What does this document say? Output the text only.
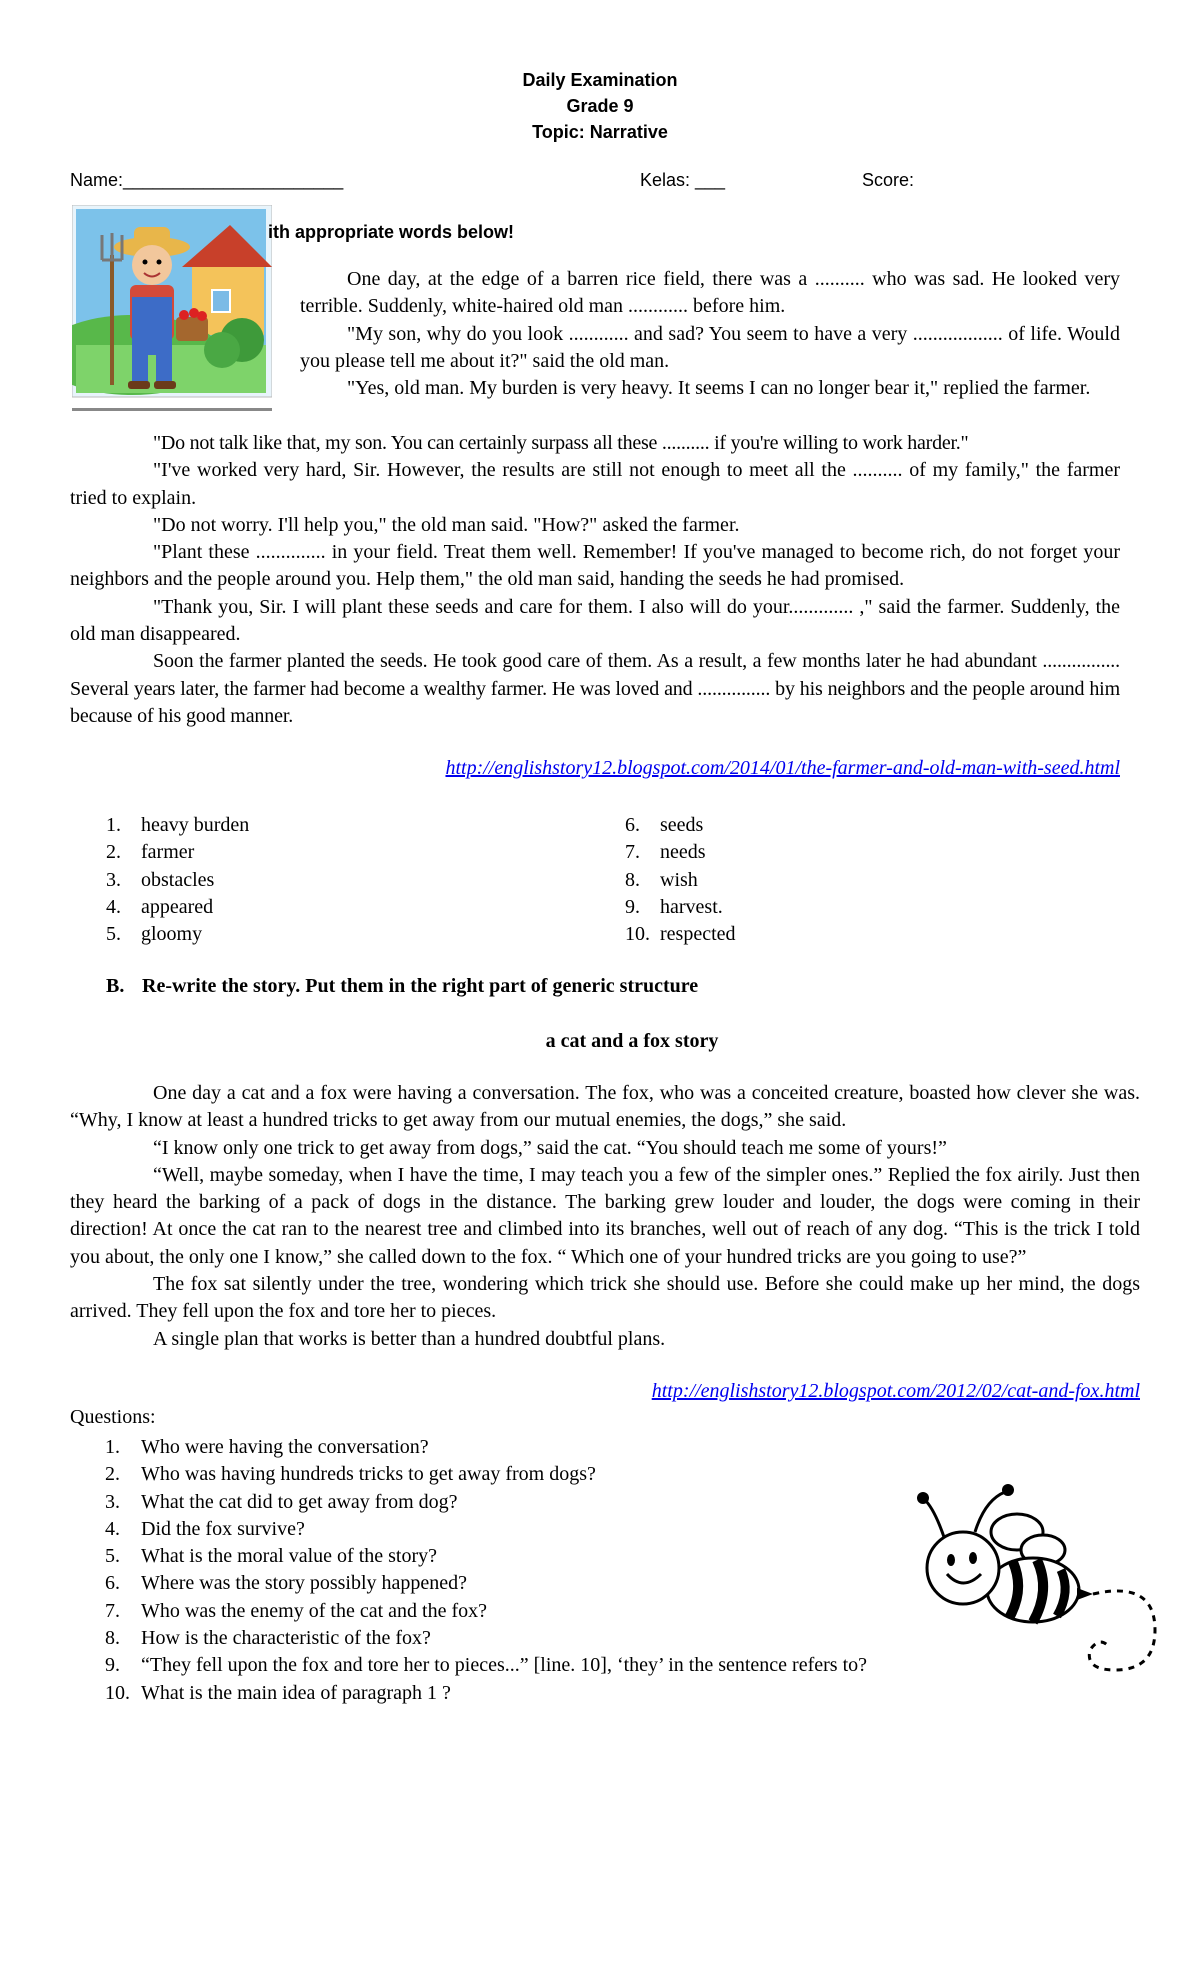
Daily Examination
Grade 9
Topic: Narrative
Name:______________________	Kelas: ___	Score:
ith appropriate words below!

One day, at the edge of a barren rice field, there was a .......... who was sad. He looked very terrible. Suddenly, white-haired old man ............ before him.

"My son, why do you look ............ and sad? You seem to have a very .................. of life. Would you please tell me about it?" said the old man.

"Yes, old man. My burden is very heavy. It seems I can no longer bear it," replied the farmer.

"Do not talk like that, my son. You can certainly surpass all these .......... if you're willing to work harder."

"I've worked very hard, Sir. However, the results are still not enough to meet all the .......... of my family," the farmer tried to explain.

"Do not worry. I'll help you," the old man said. "How?" asked the farmer.

"Plant these .............. in your field. Treat them well. Remember! If you've managed to become rich, do not forget your neighbors and the people around you. Help them," the old man said, handing the seeds he had promised.

"Thank you, Sir. I will plant these seeds and care for them. I also will do your............. ," said the farmer. Suddenly, the old man disappeared.

Soon the farmer planted the seeds. He took good care of them. As a result, a few months later he had abundant ................ Several years later, the farmer had become a wealthy farmer. He was loved and ............... by his neighbors and the people around him because of his good manner.

http://englishstory12.blogspot.com/2014/01/the-farmer-and-old-man-with-seed.html
1.	heavy burden
2.	farmer
3.	obstacles
4.	appeared
5.	gloomy
6.	seeds
7.	needs
8.	wish
9.	harvest.
10. respected
B. Re-write the story. Put them in the right part of generic structure
a cat and a fox story

One day a cat and a fox were having a conversation. The fox, who was a conceited creature, boasted how clever she was. “Why, I know at least a hundred tricks to get away from our mutual enemies, the dogs,” she said.

“I know only one trick to get away from dogs,” said the cat. “You should teach me some of yours!”

“Well, maybe someday, when I have the time, I may teach you a few of the simpler ones.” Replied the fox airily. Just then they heard the barking of a pack of dogs in the distance. The barking grew louder and louder, the dogs were coming in their direction! At once the cat ran to the nearest tree and climbed into its branches, well out of reach of any dog. “This is the trick I told you about, the only one I know,” she called down to the fox. “ Which one of your hundred tricks are you going to use?”

The fox sat silently under the tree, wondering which trick she should use. Before she could make up her mind, the dogs arrived. They fell upon the fox and tore her to pieces.

A single plan that works is better than a hundred doubtful plans.

http://englishstory12.blogspot.com/2012/02/cat-and-fox.html
Questions:
1. Who were having the conversation?
2. Who was having hundreds tricks to get away from dogs?
3. What the cat did to get away from dog?
4. Did the fox survive?
5. What is the moral value of the story?
6. Where was the story possibly happened?
7. Who was the enemy of the cat and the fox?
8. How is the characteristic of the fox?
9. “They fell upon the fox and tore her to pieces...” [line. 10], ‘they’ in the sentence refers to?
10. What is the main idea of paragraph 1 ?
